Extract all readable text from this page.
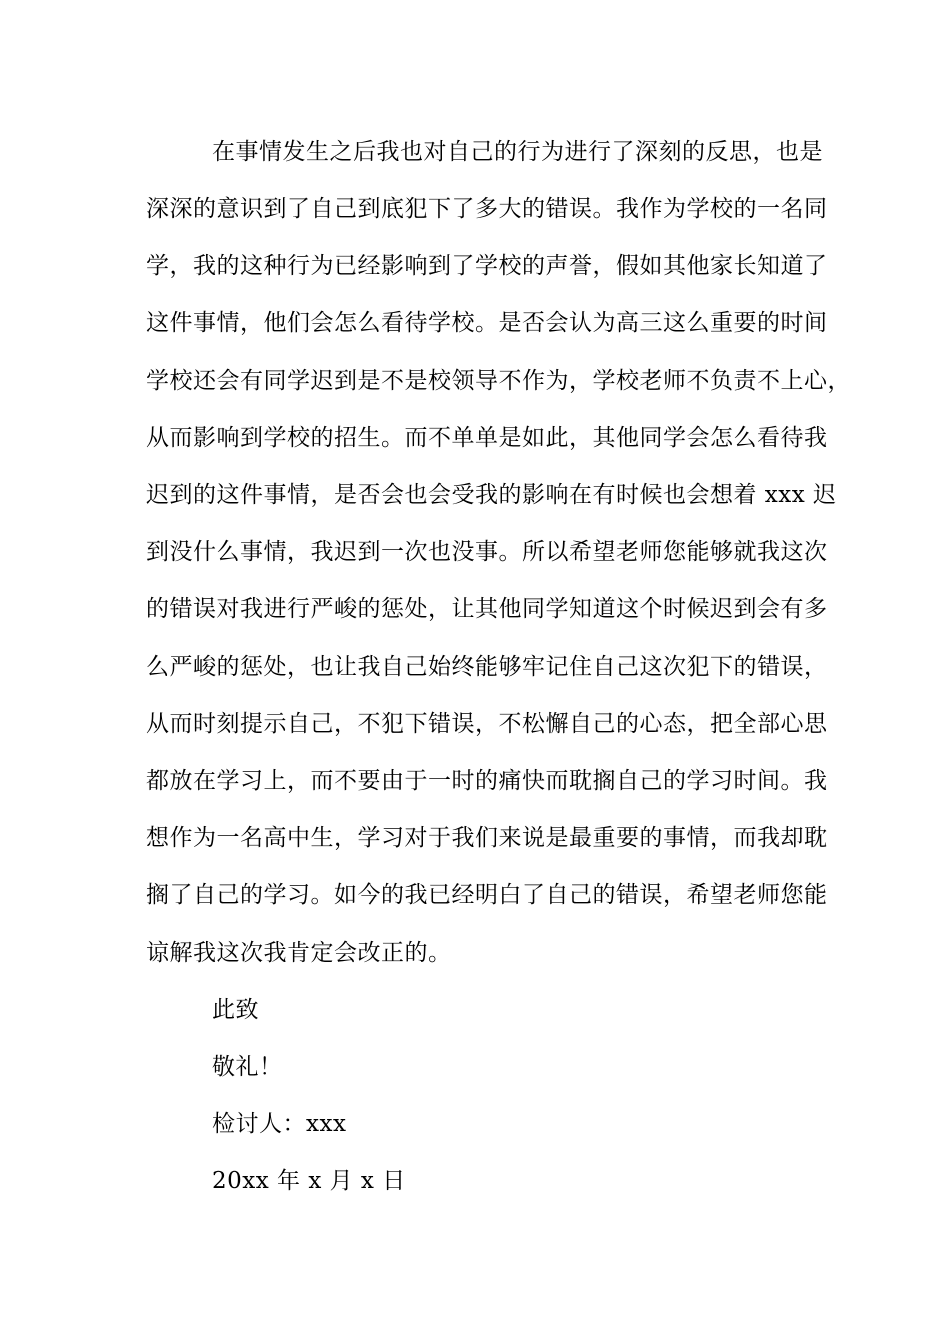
在事情发生之后我也对自己的行为进行了深刻的反思，也是
深深的意识到了自己到底犯下了多大的错误。我作为学校的一名同
学，我的这种行为已经影响到了学校的声誉，假如其他家长知道了
这件事情，他们会怎么看待学校。是否会认为高三这么重要的时间
学校还会有同学迟到是不是校领导不作为，学校老师不负责不上心，
从而影响到学校的招生。而不单单是如此，其他同学会怎么看待我
迟到的这件事情，是否会也会受我的影响在有时候也会想着 xxx 迟
到没什么事情，我迟到一次也没事。所以希望老师您能够就我这次
的错误对我进行严峻的惩处，让其他同学知道这个时候迟到会有多
么严峻的惩处，也让我自己始终能够牢记住自己这次犯下的错误，
从而时刻提示自己，不犯下错误，不松懈自己的心态，把全部心思
都放在学习上，而不要由于一时的痛快而耽搁自己的学习时间。我
想作为一名高中生，学习对于我们来说是最重要的事情，而我却耽
搁了自己的学习。如今的我已经明白了自己的错误，希望老师您能
谅解我这次我肯定会改正的。
此致
敬礼！
检讨人：xxx
20xx 年 x 月 x 日
